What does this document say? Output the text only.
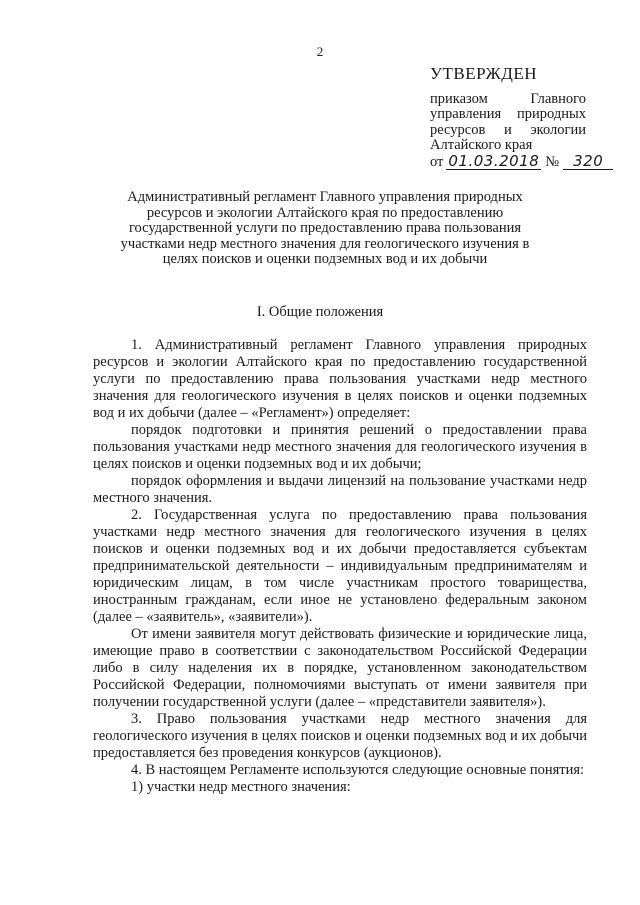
2
УТВЕРЖДЕН
приказом Главного
управления природных
ресурсов и экологии
Алтайского края
от 01.03.2018 № 320
Административный регламент Главного управления природных ресурсов и экологии Алтайского края по предоставлению государственной услуги по предоставлению права пользования участками недр местного значения для геологического изучения в целях поисков и оценки подземных вод и их добычи
I. Общие положения

1. Административный регламент Главного управления природных ресурсов и экологии Алтайского края по предоставлению государственной услуги по предоставлению права пользования участками недр местного значения для геологического изучения в целях поисков и оценки подземных вод и их добычи (далее – «Регламент») определяет:

порядок подготовки и принятия решений о предоставлении права пользования участками недр местного значения для геологического изучения в целях поисков и оценки подземных вод и их добычи;

порядок оформления и выдачи лицензий на пользование участками недр местного значения.

2. Государственная услуга по предоставлению права пользования участками недр местного значения для геологического изучения в целях поисков и оценки подземных вод и их добычи предоставляется субъектам предпринимательской деятельности – индивидуальным предпринимателям и юридическим лицам, в том числе участникам простого товарищества, иностранным гражданам, если иное не установлено федеральным законом (далее – «заявитель», «заявители»).

От имени заявителя могут действовать физические и юридические лица, имеющие право в соответствии с законодательством Российской Федерации либо в силу наделения их в порядке, установленном законодательством Российской Федерации, полномочиями выступать от имени заявителя при получении государственной услуги (далее – «представители заявителя»).

3. Право пользования участками недр местного значения для геологического изучения в целях поисков и оценки подземных вод и их добычи предоставляется без проведения конкурсов (аукционов).

4. В настоящем Регламенте используются следующие основные понятия:

1) участки недр местного значения:
